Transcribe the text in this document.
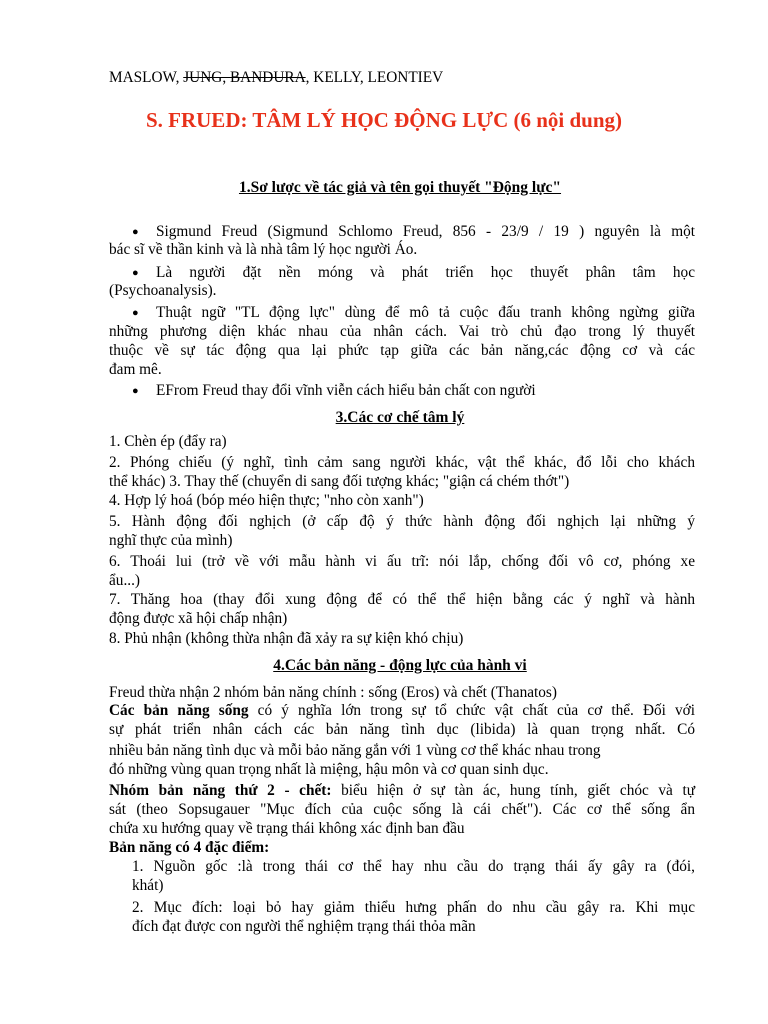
MASLOW, JUNG, BANDURA, KELLY, LEONTIEV
S. FRUED: TÂM LÝ HỌC ĐỘNG LỰC (6 nội dung)
1.Sơ lược về tác giả và tên gọi thuyết "Động lực"
● Sigmund Freud (Sigmund Schlomo Freud, 856 - 23/9 / 19 ) nguyên là một
bác sĩ về thần kinh và là nhà tâm lý học người Áo.
● Là người đặt nền móng và phát triển học thuyết phân tâm học
(Psychoanalysis).
● Thuật ngữ "TL động lực" dùng để mô tả cuộc đấu tranh không ngừng giữa
những phương diện khác nhau của nhân cách. Vai trò chủ đạo trong lý thuyết
thuộc về sự tác động qua lại phức tạp giữa các bản năng,các động cơ và các
đam mê.
● EFrom Freud thay đổi vĩnh viễn cách hiểu bản chất con người
3.Các cơ chế tâm lý
1. Chèn ép (đẩy ra)
2. Phóng chiếu (ý nghĩ, tình cảm sang người khác, vật thể khác, đổ lỗi cho khách
thể khác) 3. Thay thế (chuyển di sang đối tượng khác; "giận cá chém thớt")
4. Hợp lý hoá (bóp méo hiện thực; "nho còn xanh")
5. Hành động đối nghịch (ở cấp độ ý thức hành động đối nghịch lại những ý
nghĩ thực của mình)
6. Thoái lui (trở về với mẫu hành vi ấu trĩ: nói lắp, chống đối vô cơ, phóng xe
ẩu...)
7. Thăng hoa (thay đổi xung động để có thể thể hiện bằng các ý nghĩ và hành
động được xã hội chấp nhận)
8. Phủ nhận (không thừa nhận đã xảy ra sự kiện khó chịu)
4.Các bản năng - động lực của hành vi
Freud thừa nhận 2 nhóm bản năng chính : sống (Eros) và chết (Thanatos)
Các bản năng sống có ý nghĩa lớn trong sự tổ chức vật chất của cơ thể. Đối với
sự phát triển nhân cách các bản năng tình dục (libida) là quan trọng nhất. Có
nhiều bản năng tình dục và mỗi bảo năng gắn với 1 vùng cơ thể khác nhau trong
đó những vùng quan trọng nhất là miệng, hậu môn và cơ quan sinh dục.
Nhóm bản năng thứ 2 - chết: biểu hiện ở sự tàn ác, hung tính, giết chóc và tự
sát (theo Sopsugauer "Mục đích của cuộc sống là cái chết"). Các cơ thể sống ẩn
chứa xu hướng quay về trạng thái không xác định ban đầu
Bản năng có 4 đặc điểm:
1. Nguồn gốc :là trong thái cơ thể hay nhu cầu do trạng thái ấy gây ra (đói,
khát)
2. Mục đích: loại bỏ hay giảm thiểu hưng phấn do nhu cầu gây ra. Khi mục
đích đạt được con người thể nghiệm trạng thái thỏa mãn
